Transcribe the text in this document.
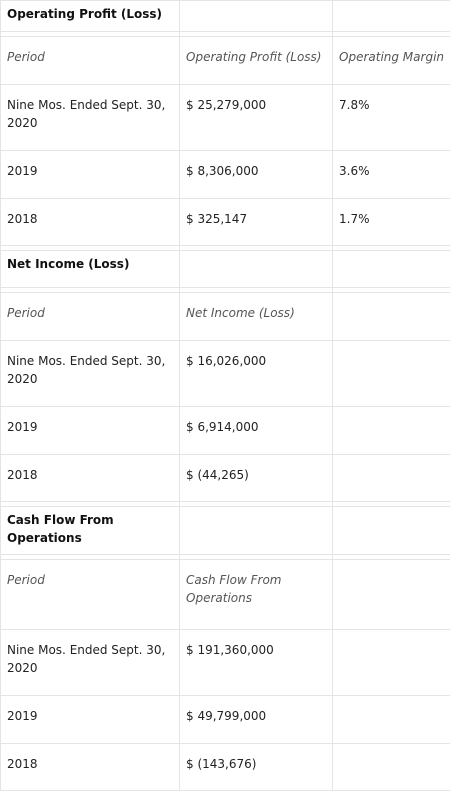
Operating Profit (Loss)		

Period	Operating Profit (Loss)	Operating Margin
Nine Mos. Ended Sept. 30, 2020	$ 25,279,000	7.8%
2019	$ 8,306,000	3.6%
2018	$ 325,147	1.7%

Net Income (Loss)		

Period	Net Income (Loss)	
Nine Mos. Ended Sept. 30, 2020	$ 16,026,000	
2019	$ 6,914,000	
2018	$ (44,265)	

Cash Flow From Operations		

Period	Cash Flow From Operations	
Nine Mos. Ended Sept. 30, 2020	$ 191,360,000	
2019	$ 49,799,000	
2018	$ (143,676)	
